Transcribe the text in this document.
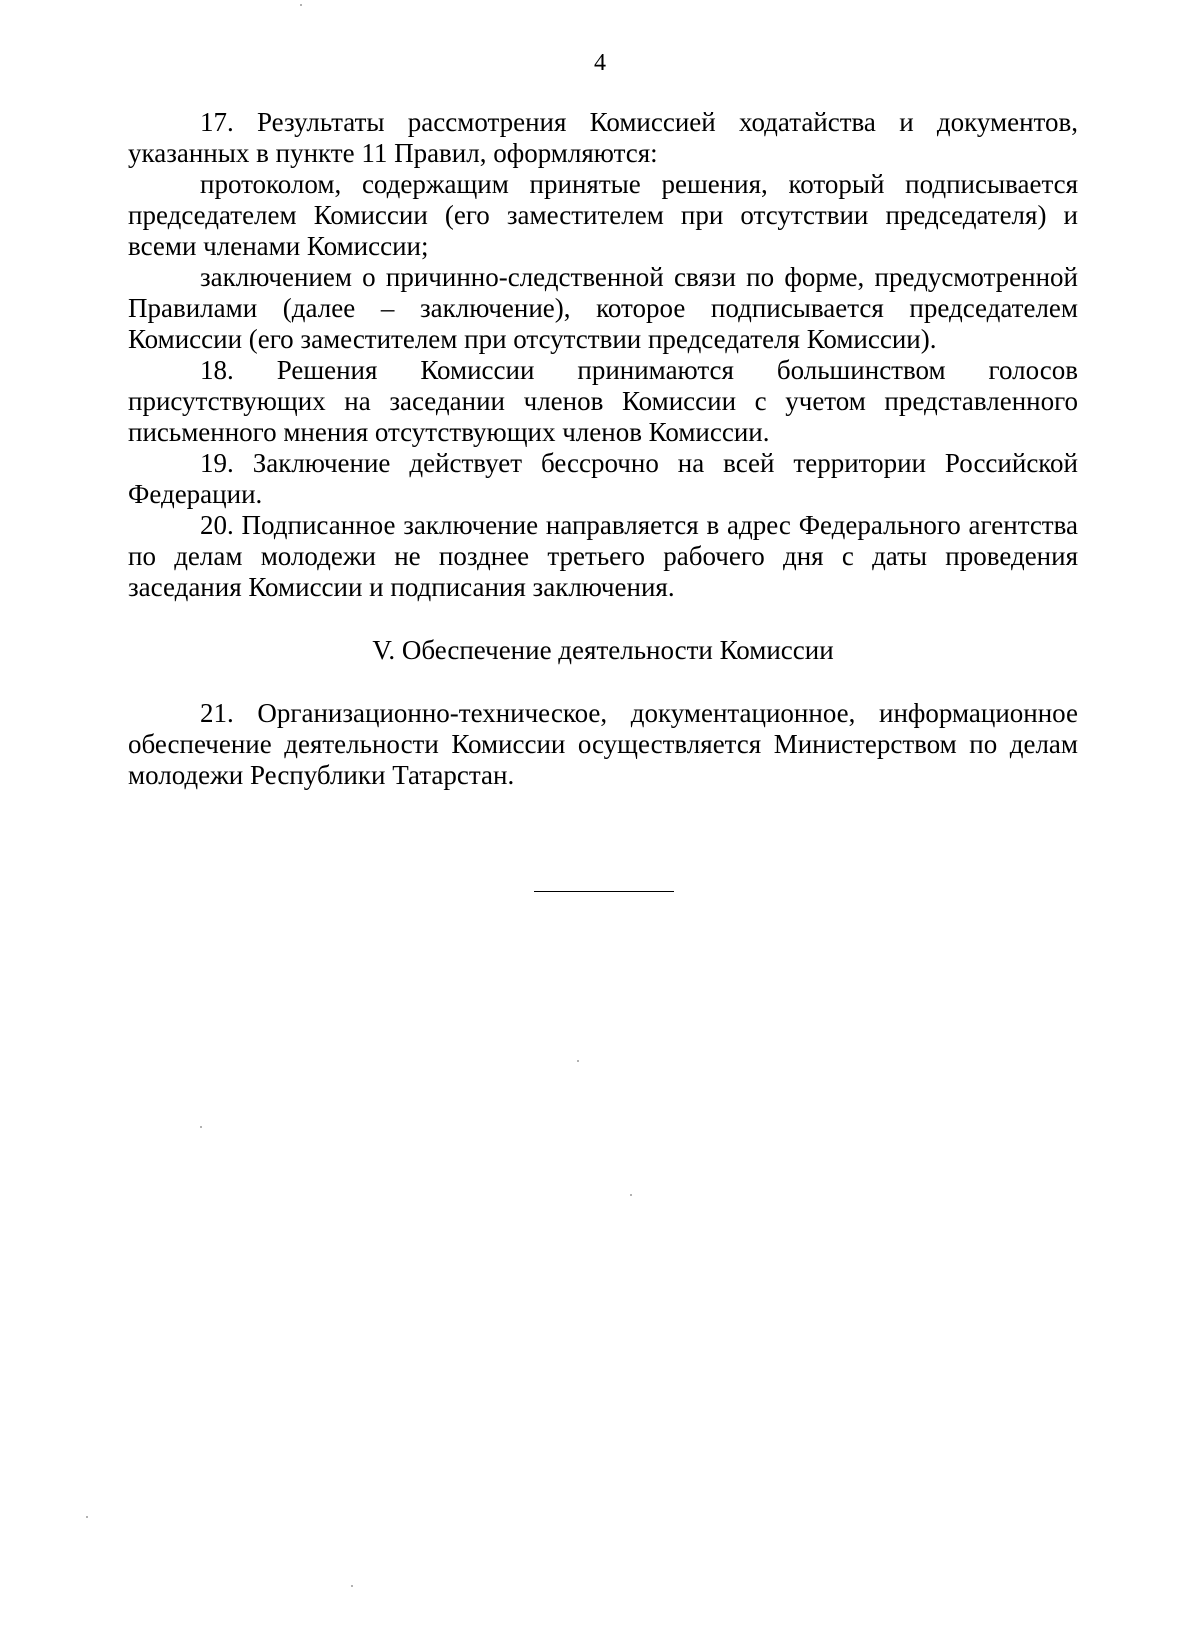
4

17. Результаты рассмотрения Комиссией ходатайства и документов, указанных в пункте 11 Правил, оформляются:

протоколом, содержащим принятые решения, который подписывается председателем Комиссии (его заместителем при отсутствии председателя) и всеми членами Комиссии;

заключением о причинно-следственной связи по форме, предусмотренной Правилами (далее – заключение), которое подписывается председателем Комиссии (его заместителем при отсутствии председателя Комиссии).

18. Решения Комиссии принимаются большинством голосов присутствующих на заседании членов Комиссии с учетом представленного письменного мнения отсутствующих членов Комиссии.

19. Заключение действует бессрочно на всей территории Российской Федерации.

20. Подписанное заключение направляется в адрес Федерального агентства по делам молодежи не позднее третьего рабочего дня с даты проведения заседания Комиссии и подписания заключения.

V. Обеспечение деятельности Комиссии

21. Организационно-техническое, документационное, информационное обеспечение деятельности Комиссии осуществляется Министерством по делам молодежи Республики Татарстан.
